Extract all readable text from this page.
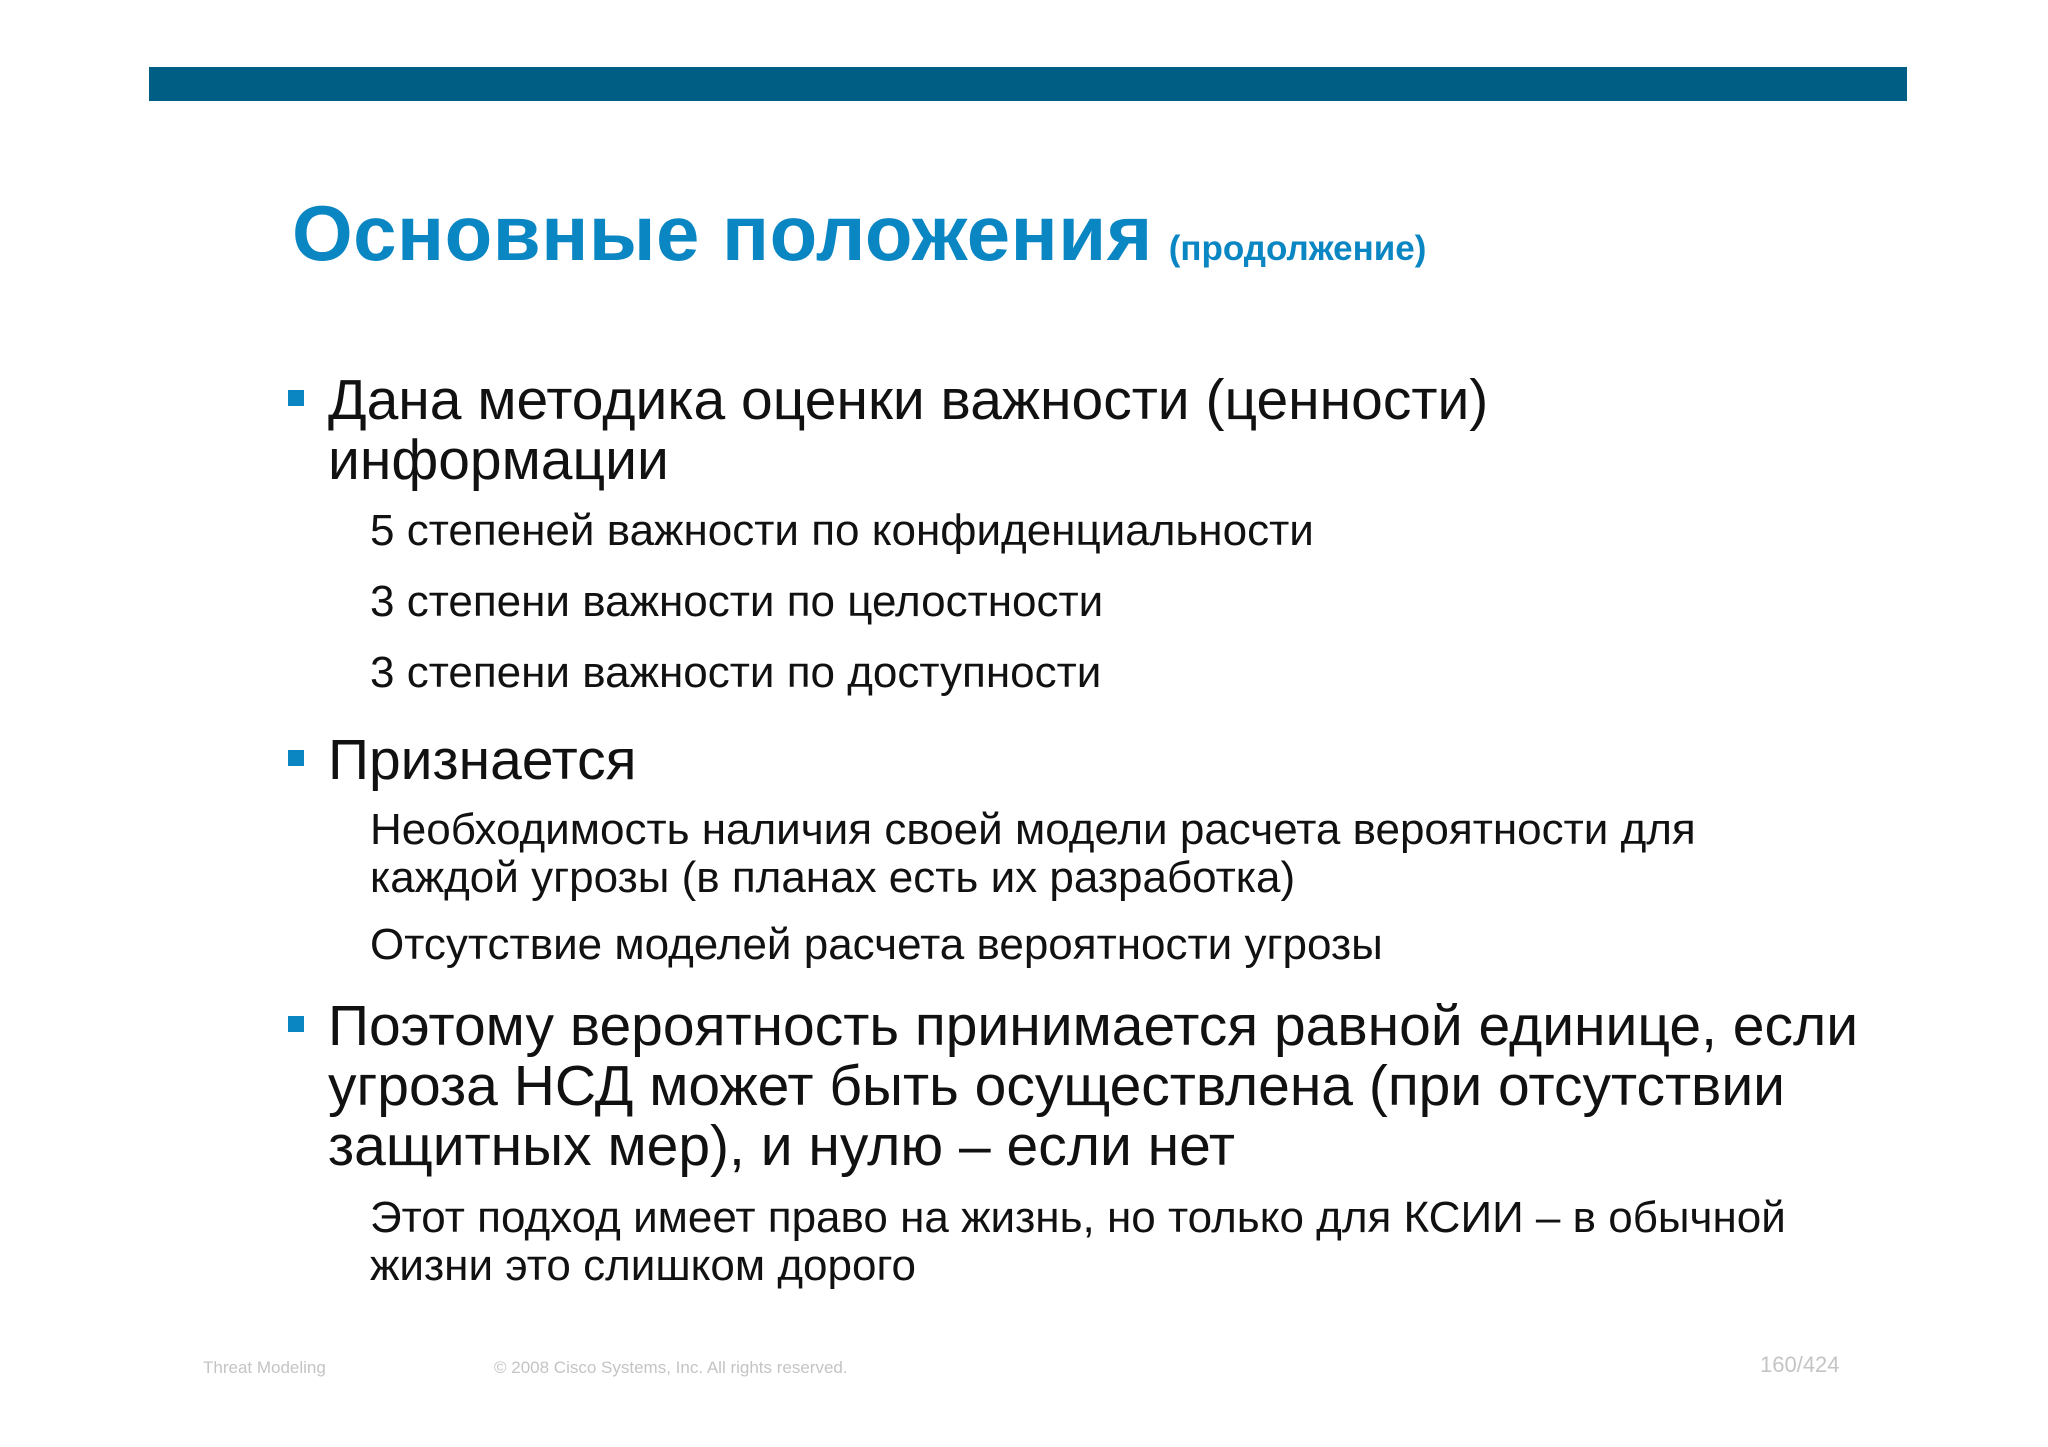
Основные положения (продолжение)
Дана методика оценки важности (ценности) информации
5 степеней важности по конфиденциальности
3 степени важности по целостности
3 степени важности по доступности
Признается
Необходимость наличия своей модели расчета вероятности для каждой угрозы (в планах есть их разработка)
Отсутствие моделей расчета вероятности угрозы
Поэтому вероятность принимается равной единице, если угроза НСД может быть осуществлена (при отсутствии защитных мер), и нулю – если нет
Этот подход имеет право на жизнь, но только для КСИИ – в обычной жизни это слишком дорого
Threat Modeling	© 2008 Cisco Systems, Inc. All rights reserved.	160/424
